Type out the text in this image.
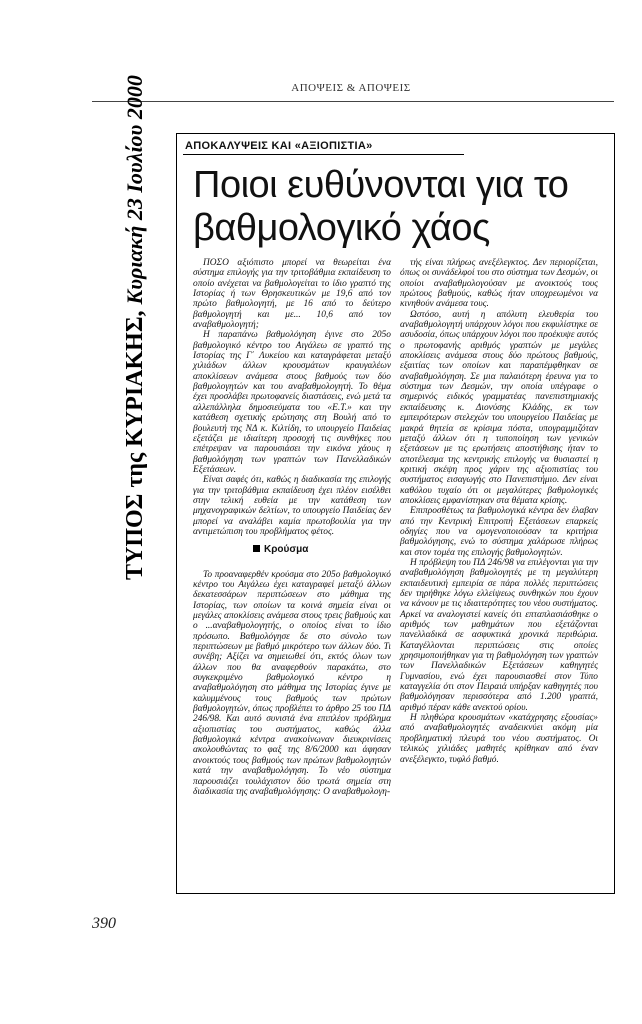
ΑΠΟΨΕΙΣ & ΑΠΟΨΕΙΣ
ΤΥΠΟΣ της ΚΥΡΙΑΚΗΣ, Κυριακή 23 Ιουλίου 2000	ΑΠΟΚΑΛΥΨΕΙΣ ΚΑΙ «ΑΞΙΟΠΙΣΤΙΑ»
Ποιοι ευθύνονται για το βαθμολογικό χάος

ΠΟΣΟ αξιόπιστο μπορεί να θεωρείται ένα σύστημα επιλογής για την τριτοβάθμια εκπαίδευση το οποίο ανέχεται να βαθμολογείται το ίδιο γραπτό της Ιστορίας ή των Θρησκευτικών με 19,6 από τον πρώτο βαθμολογητή, με 16 από το δεύτερο βαθμολογητή και με... 10,6 από τον αναβαθμολογητή;

Η παραπάνω βαθμολόγηση έγινε στο 205ο βαθμολογικό κέντρο του Αιγάλεω σε γραπτό της Ιστορίας της Γ΄ Λυκείου και καταγράφεται μεταξύ χιλιάδων άλλων κρουσμάτων κραυγαλέων αποκλίσεων ανάμεσα στους βαθμούς των δύο βαθμολογητών και του αναβαθμολογητή. Το θέμα έχει προσλάβει πρωτοφανείς διαστάσεις, ενώ μετά τα αλλεπάλληλα δημοσιεύματα του «Ε.Τ.» και την κατάθεση σχετικής ερώτησης στη Βουλή από το βουλευτή της ΝΔ κ. Κιλτίδη, το υπουργείο Παιδείας εξετάζει με ιδιαίτερη προσοχή τις συνθήκες που επέτρεψαν να παρουσιάσει την εικόνα χάους η βαθμολόγηση των γραπτών των Πανελλαδικών Εξετάσεων.

Είναι σαφές ότι, καθώς η διαδικασία της επιλογής για την τριτοβάθμια εκπαίδευση έχει πλέον εισέλθει στην τελική ευθεία με την κατάθεση των μηχανογραφικών δελτίων, το υπουργείο Παιδείας δεν μπορεί να αναλάβει καμία πρωτοβουλία για την αντιμετώπιση του προβλήματος φέτος.

Κρούσμα

Το προαναφερθέν κρούσμα στο 205ο βαθμολογικό κέντρο του Αιγάλεω έχει καταγραφεί μεταξύ άλλων δεκατεσσάρων περιπτώσεων στο μάθημα της Ιστορίας, των οποίων τα κοινά σημεία είναι οι μεγάλες αποκλίσεις ανάμεσα στους τρεις βαθμούς και ο ...αναβαθμολογητής, ο οποίος είναι το ίδιο πρόσωπο. Βαθμολόγησε δε στο σύνολο των περιπτώσεων με βαθμό μικρότερο των άλλων δύο. Τι συνέβη; Αξίζει να σημειωθεί ότι, εκτός όλων των άλλων που θα αναφερθούν παρακάτω, στο συγκεκριμένο βαθμολογικό κέντρο η αναβαθμολόγηση στο μάθημα της Ιστορίας έγινε με καλυμμένους τους βαθμούς των πρώτων βαθμολογητών, όπως προβλέπει το άρθρο 25 του ΠΔ 246/98. Και αυτό συνιστά ένα επιπλέον πρόβλημα αξιοπιστίας του συστήματος, καθώς άλλα βαθμολογικά κέντρα ανακοίνωναν διευκρινίσεις ακολουθώντας το φαξ της 8/6/2000 και άφησαν ανοικτούς τους βαθμούς των πρώτων βαθμολογητών κατά την αναβαθμολόγηση. Το νέο σύστημα παρουσιάζει τουλάχιστον δύο τρωτά σημεία στη διαδικασία της αναβαθμολόγησης: Ο αναβαθμολογη-

τής είναι πλήρως ανεξέλεγκτος. Δεν περιορίζεται, όπως οι συνάδελφοί του στο σύστημα των Δεσμών, οι οποίοι αναβαθμολογούσαν με ανοικτούς τους πρώτους βαθμούς, καθώς ήταν υποχρεωμένοι να κινηθούν ανάμεσα τους.

Ωστόσο, αυτή η απόλυτη ελευθερία του αναβαθμολογητή υπάρχουν λόγοι που εκφυλίστηκε σε ασυδοσία, όπως υπάρχουν λόγοι που προέκυψε αυτός ο πρωτοφανής αριθμός γραπτών με μεγάλες αποκλίσεις ανάμεσα στους δύο πρώτους βαθμούς, εξαιτίας των οποίων και παραπέμφθηκαν σε αναβαθμολόγηση. Σε μια παλαιότερη έρευνα για το σύστημα των Δεσμών, την οποία υπέγραφε ο σημερινός ειδικός γραμματέας πανεπιστημιακής εκπαίδευσης κ. Διονύσης Κλάδης, εκ των εμπειρότερων στελεχών του υπουργείου Παιδείας με μακρά θητεία σε κρίσιμα πόστα, υπογραμμιζόταν μεταξύ άλλων ότι η τυποποίηση των γενικών εξετάσεων με τις ερωτήσεις αποστήθισης ήταν το αποτέλεσμα της κεντρικής επιλογής να θυσιαστεί η κριτική σκέψη προς χάριν της αξιοπιστίας του συστήματος εισαγωγής στο Πανεπιστήμιο. Δεν είναι καθόλου τυχαίο ότι οι μεγαλύτερες βαθμολογικές αποκλίσεις εμφανίστηκαν στα θέματα κρίσης.

Επιπροσθέτως τα βαθμολογικά κέντρα δεν έλαβαν από την Κεντρική Επιτροπή Εξετάσεων επαρκείς οδηγίες που να ομογενοποιούσαν τα κριτήρια βαθμολόγησης, ενώ το σύστημα χαλάρωσε πλήρως και στον τομέα της επιλογής βαθμολογητών.

Η πρόβλεψη του ΠΔ 246/98 να επιλέγονται για την αναβαθμολόγηση βαθμολογητές με τη μεγαλύτερη εκπαιδευτική εμπειρία σε πάρα πολλές περιπτώσεις δεν τηρήθηκε λόγω ελλείψεως συνθηκών που έχουν να κάνουν με τις ιδιαιτερότητες του νέου συστήματος. Αρκεί να αναλογιστεί κανείς ότι επταπλασιάσθηκε ο αριθμός των μαθημάτων που εξετάζονται πανελλαδικά σε ασφυκτικά χρονικά περιθώρια. Καταγέλλονται περιπτώσεις στις οποίες χρησιμοποιήθηκαν για τη βαθμολόγηση των γραπτών των Πανελλαδικών Εξετάσεων καθηγητές Γυμνασίου, ενώ έχει παρουσιασθεί στον Τύπο καταγγελία ότι στον Πειραιά υπήρξαν καθηγητές που βαθμολόγησαν περισσότερα από 1.200 γραπτά, αριθμό πέραν κάθε ανεκτού ορίου.

Η πληθώρα κρουσμάτων «κατάχρησης εξουσίας» από αναβαθμολογητές αναδεικνύει ακόμη μία προβληματική πλευρά του νέου συστήματος. Οι τελικώς χιλιάδες μαθητές κρίθηκαν από έναν ανεξέλεγκτο, τυφλό βαθμό.

390
